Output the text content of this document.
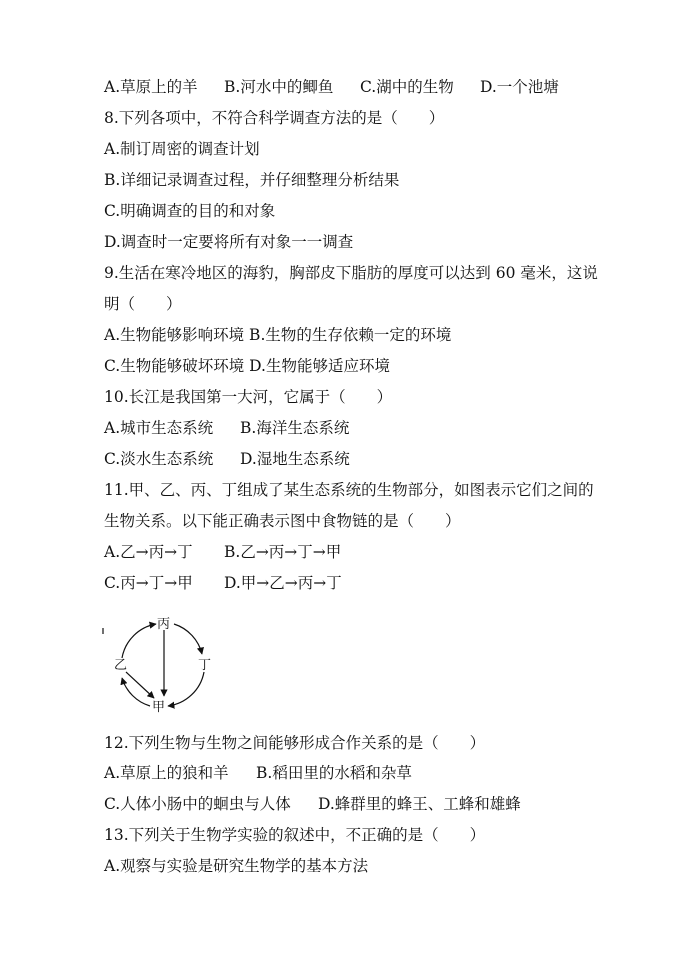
A.草原上的羊 B.河水中的鲫鱼 C.湖中的生物 D.一个池塘
8.下列各项中，不符合科学调查方法的是（　　）
A.制订周密的调查计划
B.详细记录调查过程，并仔细整理分析结果
C.明确调查的目的和对象
D.调查时一定要将所有对象一一调查
9.生活在寒冷地区的海豹，胸部皮下脂肪的厚度可以达到 60 毫米，这说
明（　　）
A.生物能够影响环境 B.生物的生存依赖一定的环境
C.生物能够破坏环境 D.生物能够适应环境
10.长江是我国第一大河，它属于（　　）
A.城市生态系统 B.海洋生态系统
C.淡水生态系统 D.湿地生态系统
11.甲、乙、丙、丁组成了某生态系统的生物部分，如图表示它们之间的
生物关系。以下能正确表示图中食物链的是（　　）
A.乙→丙→丁 B.乙→丙→丁→甲
C.丙→丁→甲 D.甲→乙→丙→丁
12.下列生物与生物之间能够形成合作关系的是（　　）
A.草原上的狼和羊 B.稻田里的水稻和杂草
C.人体小肠中的蛔虫与人体 D.蜂群里的蜂王、工蜂和雄蜂
13.下列关于生物学实验的叙述中，不正确的是（　　）
A.观察与实验是研究生物学的基本方法
丙
丁
乙
甲
